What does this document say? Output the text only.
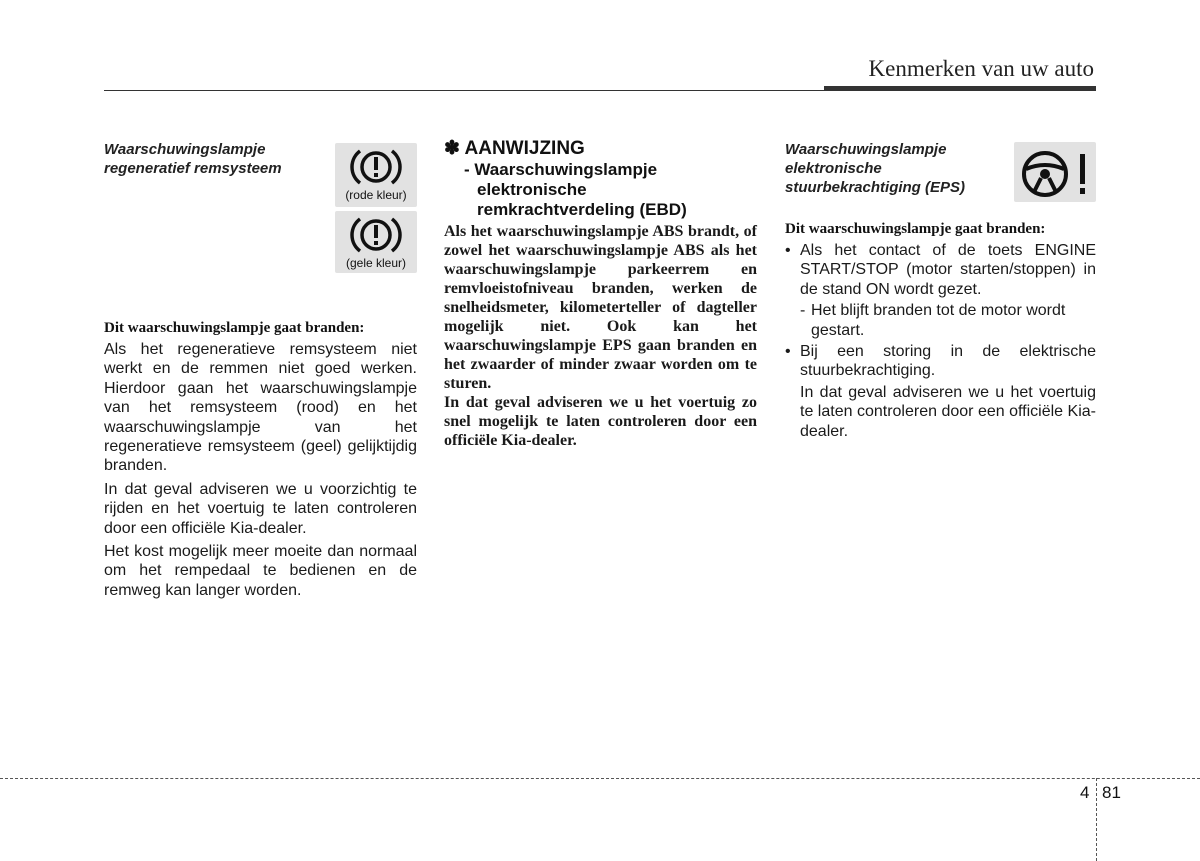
Kenmerken van uw auto
Waarschuwingslampje
regeneratief remsysteem
(rode kleur)
(gele kleur)
Dit waarschuwingslampje gaat branden:

Als het regeneratieve remsysteem niet werkt en de remmen niet goed werken. Hierdoor gaan het waarschuwingslampje van het remsysteem (rood) en het waarschuwingslampje van het regeneratieve remsysteem (geel) gelijktijdig branden.

In dat geval adviseren we u voorzichtig te rijden en het voertuig te laten controleren door een officiële Kia-dealer.

Het kost mogelijk meer moeite dan normaal om het rempedaal te bedienen en de remweg kan langer worden.

✽ AANWIJZING
- Waarschuwingslampje
elektronische
remkrachtverdeling (EBD)

Als het waarschuwingslampje ABS brandt, of zowel het waarschuwingslampje ABS als het waarschuwingslampje parkeerrem en remvloeistofniveau branden, werken de snelheidsmeter, kilometerteller of dagteller mogelijk niet. Ook kan het waarschuwingslampje EPS gaan branden en het zwaarder of minder zwaar worden om te sturen.

In dat geval adviseren we u het voertuig zo snel mogelijk te laten controleren door een officiële Kia-dealer.

Waarschuwingslampje
elektronische
stuurbekrachtiging (EPS)
Dit waarschuwingslampje gaat branden:
• Als het contact of de toets ENGINE START/STOP (motor starten/stoppen) in de stand ON wordt gezet.
- Het blijft branden tot de motor wordt gestart.
• Bij een storing in de elektrische stuurbekrachtiging.
In dat geval adviseren we u het voertuig te laten controleren door een officiële Kia-dealer.
4 81
